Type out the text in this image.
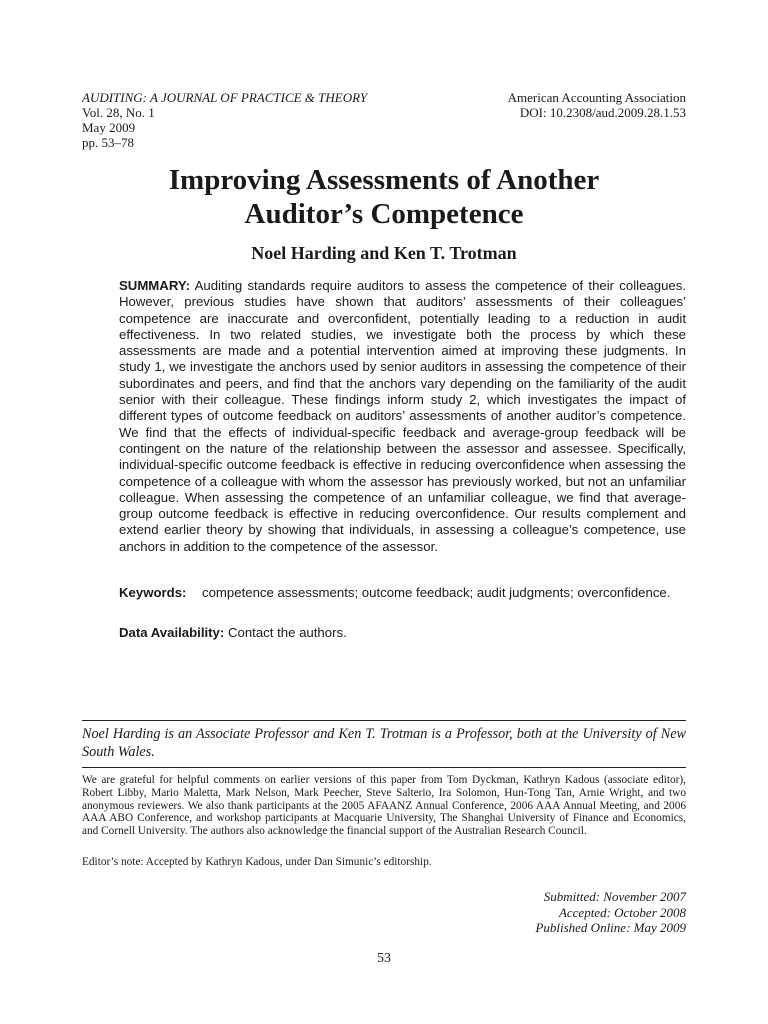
AUDITING: A JOURNAL OF PRACTICE & THEORY
Vol. 28, No. 1
May 2009
pp. 53–78
American Accounting Association
DOI: 10.2308/aud.2009.28.1.53
Improving Assessments of Another
Auditor’s Competence
Noel Harding and Ken T. Trotman
SUMMARY: Auditing standards require auditors to assess the competence of their colleagues. However, previous studies have shown that auditors’ assessments of their colleagues’ competence are inaccurate and overconfident, potentially leading to a reduction in audit effectiveness. In two related studies, we investigate both the process by which these assessments are made and a potential intervention aimed at improving these judgments. In study 1, we investigate the anchors used by senior auditors in assessing the competence of their subordinates and peers, and find that the anchors vary depending on the familiarity of the audit senior with their colleague. These findings inform study 2, which investigates the impact of different types of outcome feedback on auditors’ assessments of another auditor’s competence. We find that the effects of individual-specific feedback and average-group feedback will be contingent on the nature of the relationship between the assessor and assessee. Specifically, individual-specific outcome feedback is effective in reducing overconfidence when assessing the competence of a colleague with whom the assessor has previously worked, but not an unfamiliar colleague. When assessing the competence of an unfamiliar colleague, we find that average-group outcome feedback is effective in reducing overconfidence. Our results complement and extend earlier theory by showing that individuals, in assessing a colleague’s competence, use anchors in addition to the competence of the assessor.
Keywords:	competence assessments; outcome feedback; audit judgments; overconfidence.
Data Availability: Contact the authors.
Noel Harding is an Associate Professor and Ken T. Trotman is a Professor, both at the University of New South Wales.
We are grateful for helpful comments on earlier versions of this paper from Tom Dyckman, Kathryn Kadous (associate editor), Robert Libby, Mario Maletta, Mark Nelson, Mark Peecher, Steve Salterio, Ira Solomon, Hun-Tong Tan, Arnie Wright, and two anonymous reviewers. We also thank participants at the 2005 AFAANZ Annual Conference, 2006 AAA Annual Meeting, and 2006 AAA ABO Conference, and workshop participants at Macquarie University, The Shanghai University of Finance and Economics, and Cornell University. The authors also acknowledge the financial support of the Australian Research Council.
Editor’s note: Accepted by Kathryn Kadous, under Dan Simunic’s editorship.
Submitted: November 2007
Accepted: October 2008
Published Online: May 2009
53
